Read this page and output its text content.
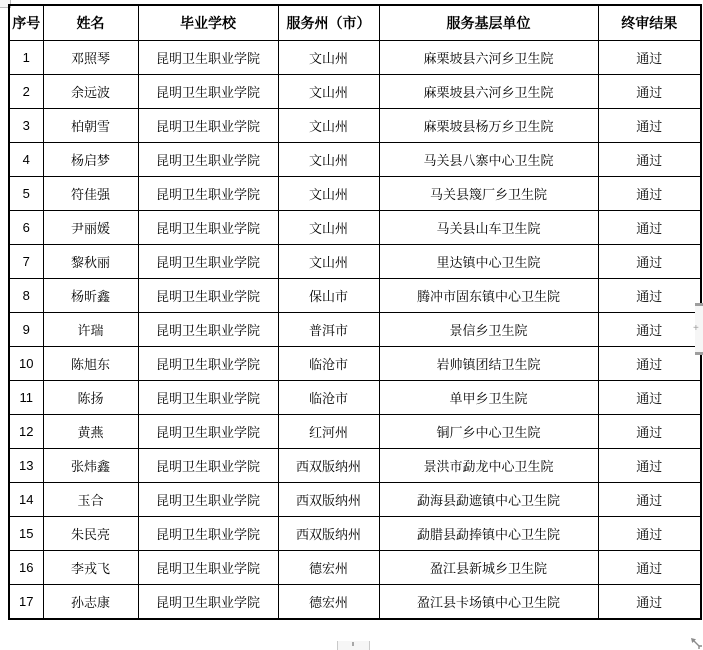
序号	姓名	毕业学校	服务州（市）	服务基层单位	终审结果
1	邓照琴	昆明卫生职业学院	文山州	麻栗坡县六河乡卫生院	通过
2	余远波	昆明卫生职业学院	文山州	麻栗坡县六河乡卫生院	通过
3	柏朝雪	昆明卫生职业学院	文山州	麻栗坡县杨万乡卫生院	通过
4	杨启梦	昆明卫生职业学院	文山州	马关县八寨中心卫生院	通过
5	符佳强	昆明卫生职业学院	文山州	马关县篾厂乡卫生院	通过
6	尹丽媛	昆明卫生职业学院	文山州	马关县山车卫生院	通过
7	黎秋丽	昆明卫生职业学院	文山州	里达镇中心卫生院	通过
8	杨昕鑫	昆明卫生职业学院	保山市	腾冲市固东镇中心卫生院	通过
9	许瑞	昆明卫生职业学院	普洱市	景信乡卫生院	通过
10	陈旭东	昆明卫生职业学院	临沧市	岩帅镇团结卫生院	通过
11	陈扬	昆明卫生职业学院	临沧市	单甲乡卫生院	通过
12	黄燕	昆明卫生职业学院	红河州	铜厂乡中心卫生院	通过
13	张炜鑫	昆明卫生职业学院	西双版纳州	景洪市勐龙中心卫生院	通过
14	玉合	昆明卫生职业学院	西双版纳州	勐海县勐遮镇中心卫生院	通过
15	朱民亮	昆明卫生职业学院	西双版纳州	勐腊县勐捧镇中心卫生院	通过
16	李戎飞	昆明卫生职业学院	德宏州	盈江县新城乡卫生院	通过
17	孙志康	昆明卫生职业学院	德宏州	盈江县卡场镇中心卫生院	通过
+
